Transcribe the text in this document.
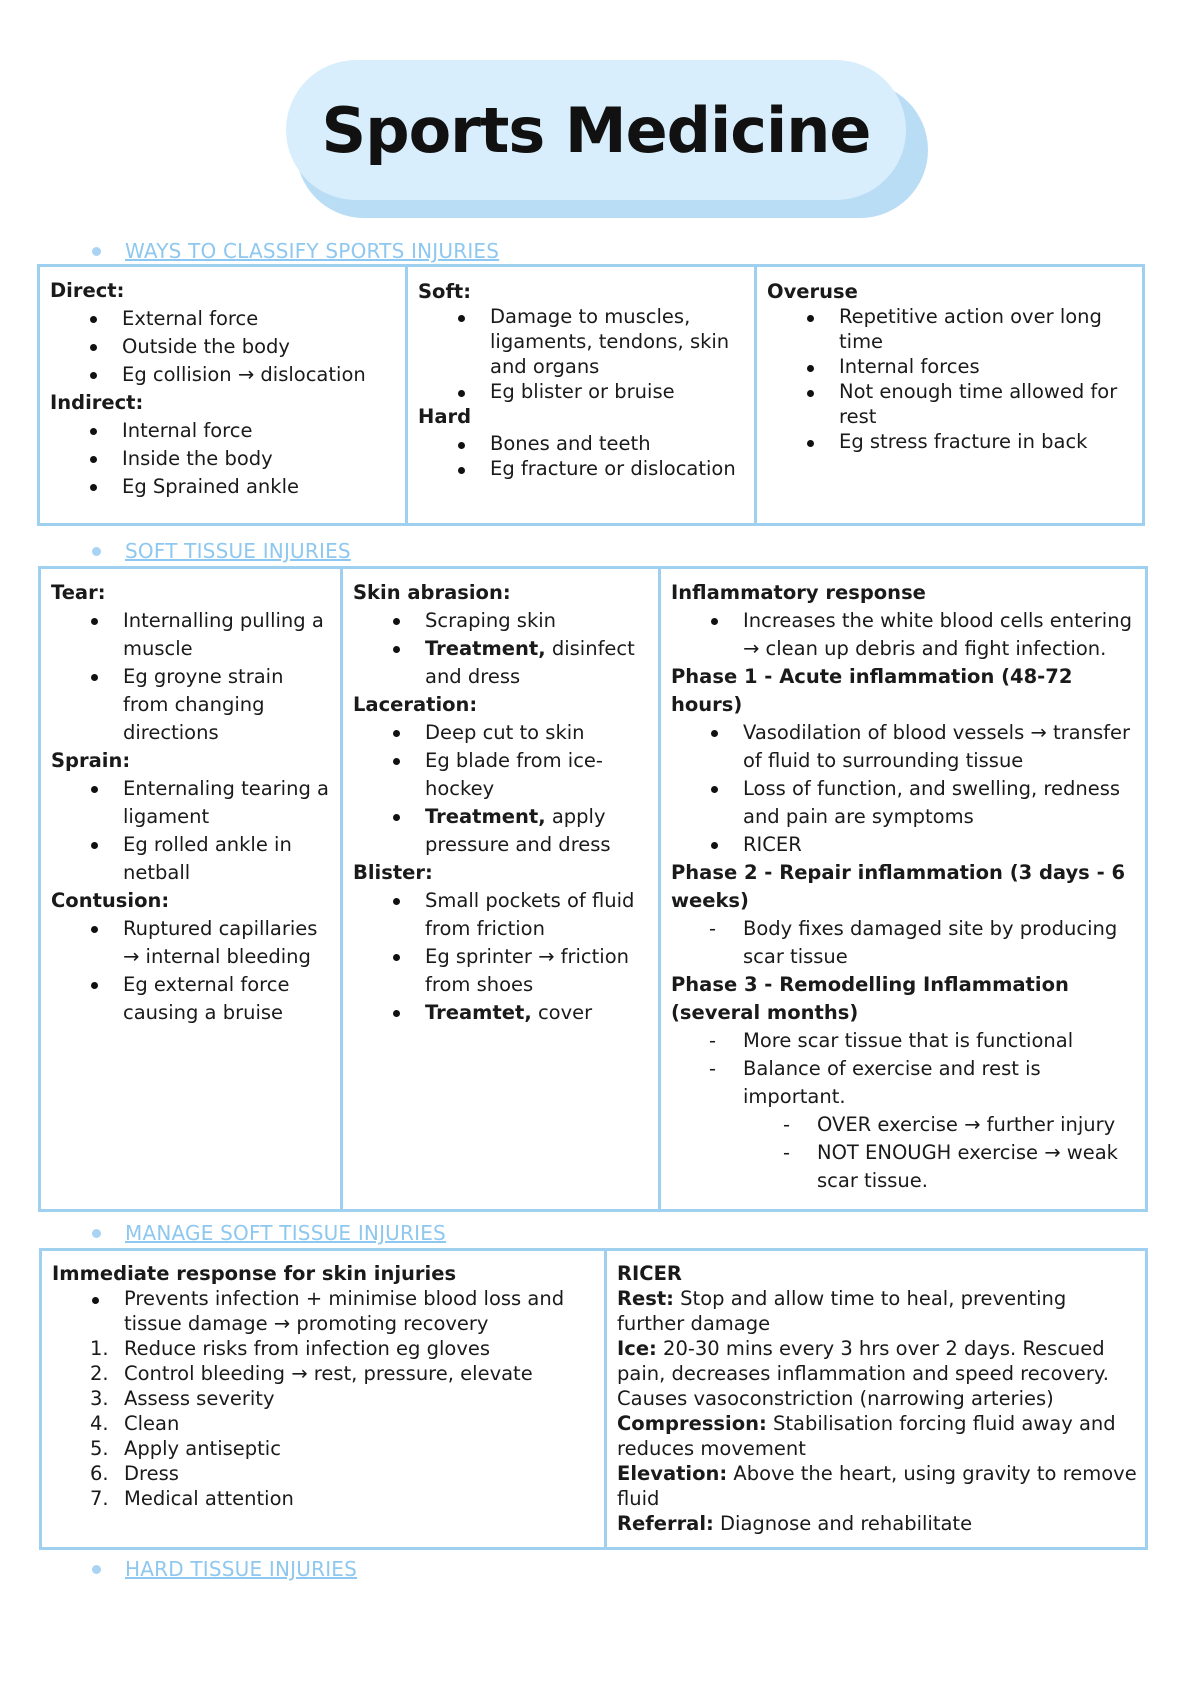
Sports Medicine
WAYS TO CLASSIFY SPORTS INJURIES
Direct:
External force
Outside the body
Eg collision → dislocation
Indirect:
Internal force
Inside the body
Eg Sprained ankle
Soft:
Damage to muscles, ligaments, tendons, skin and organs
Eg blister or bruise
Hard
Bones and teeth
Eg fracture or dislocation
Overuse
Repetitive action over long time
Internal forces
Not enough time allowed for rest
Eg stress fracture in back
SOFT TISSUE INJURIES
Tear:
Internalling pulling a muscle
Eg groyne strain from changing directions
Sprain:
Enternaling tearing a ligament
Eg rolled ankle in netball
Contusion:
Ruptured capillaries → internal bleeding
Eg external force causing a bruise
Skin abrasion:
Scraping skin
Treatment, disinfect and dress
Laceration:
Deep cut to skin
Eg blade from ice-hockey
Treatment, apply pressure and dress
Blister:
Small pockets of fluid from friction
Eg sprinter → friction from shoes
Treamtet, cover
Inflammatory response
Increases the white blood cells entering → clean up debris and fight infection.
Phase 1 - Acute inflammation (48-72 hours)
Vasodilation of blood vessels → transfer of fluid to surrounding tissue
Loss of function, and swelling, redness and pain are symptoms
RICER
Phase 2 - Repair inflammation (3 days - 6 weeks)
- Body fixes damaged site by producing scar tissue
Phase 3 - Remodelling Inflammation (several months)
- More scar tissue that is functional
- Balance of exercise and rest is important.
- OVER exercise → further injury
- NOT ENOUGH exercise → weak scar tissue.
MANAGE SOFT TISSUE INJURIES
Immediate response for skin injuries
Prevents infection + minimise blood loss and tissue damage → promoting recovery
1. Reduce risks from infection eg gloves
2. Control bleeding → rest, pressure, elevate
3. Assess severity
4. Clean
5. Apply antiseptic
6. Dress
7. Medical attention
RICER
Rest: Stop and allow time to heal, preventing further damage
Ice: 20-30 mins every 3 hrs over 2 days. Rescued pain, decreases inflammation and speed recovery. Causes vasoconstriction (narrowing arteries)
Compression: Stabilisation forcing fluid away and reduces movement
Elevation: Above the heart, using gravity to remove fluid
Referral: Diagnose and rehabilitate
HARD TISSUE INJURIES
